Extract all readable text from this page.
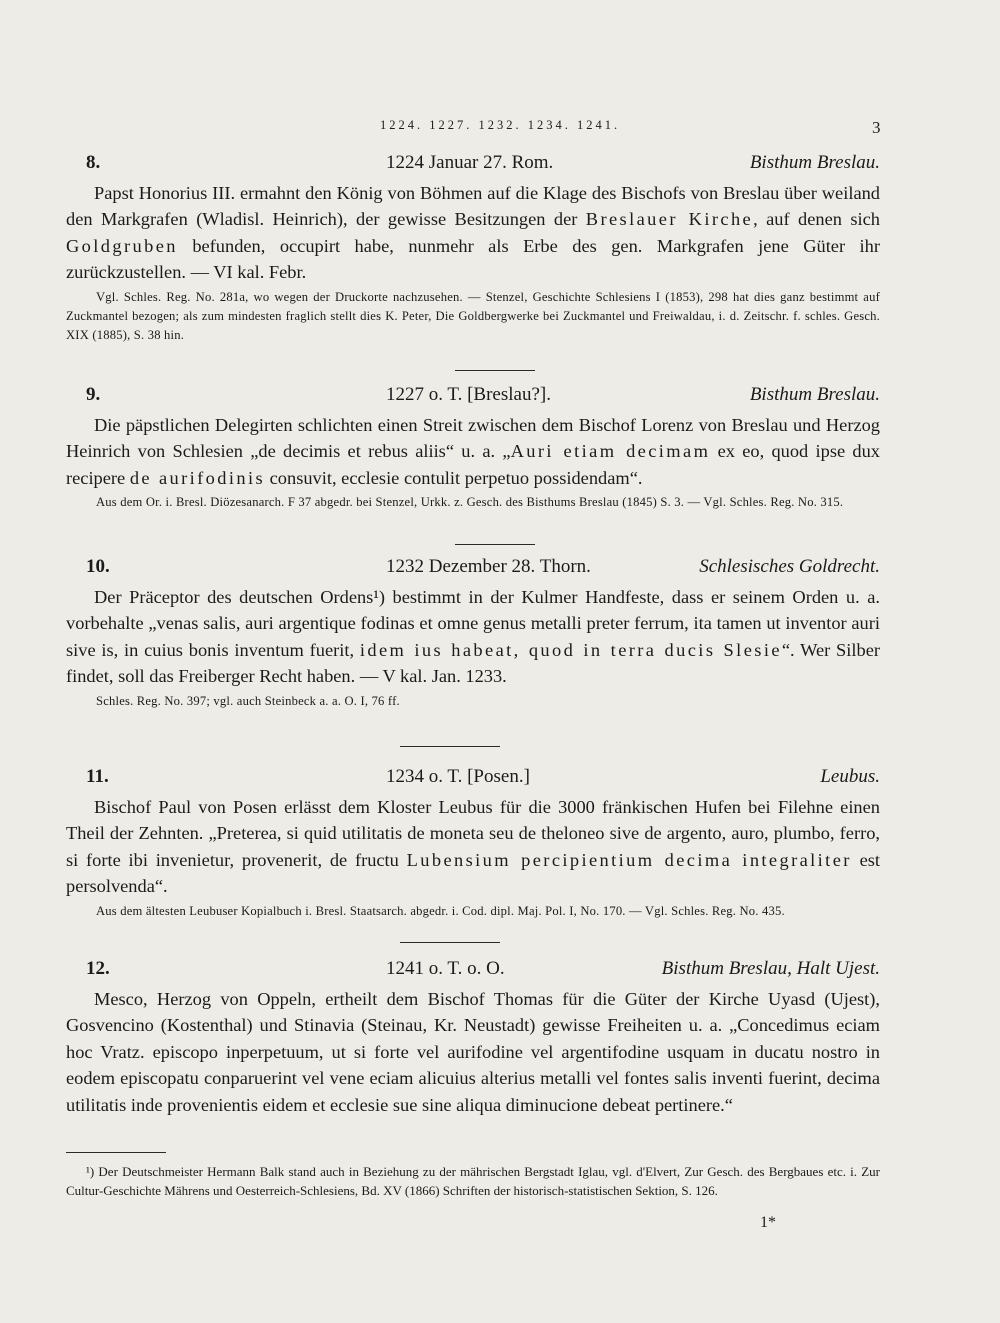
1224. 1227. 1232. 1234. 1241.	3
8.	1224 Januar 27. Rom.	Bisthum Breslau.

Papst Honorius III. ermahnt den König von Böhmen auf die Klage des Bischofs von Breslau über weiland den Markgrafen (Wladisl. Heinrich), der gewisse Besitzungen der Breslauer Kirche, auf denen sich Goldgruben befunden, occupirt habe, nunmehr als Erbe des gen. Markgrafen jene Güter ihr zurückzustellen. — VI kal. Febr.

Vgl. Schles. Reg. No. 281a, wo wegen der Druckorte nachzusehen. — Stenzel, Geschichte Schlesiens I (1853), 298 hat dies ganz bestimmt auf Zuckmantel bezogen; als zum mindesten fraglich stellt dies K. Peter, Die Goldbergwerke bei Zuckmantel und Freiwaldau, i. d. Zeitschr. f. schles. Gesch. XIX (1885), S. 38 hin.

9.	1227 o. T. [Breslau?].	Bisthum Breslau.

Die päpstlichen Delegirten schlichten einen Streit zwischen dem Bischof Lorenz von Breslau und Herzog Heinrich von Schlesien „de decimis et rebus aliis“ u. a. „Auri etiam decimam ex eo, quod ipse dux recipere de aurifodinis consuvit, ecclesie contulit perpetuo possidendam“.

Aus dem Or. i. Bresl. Diözesanarch. F 37 abgedr. bei Stenzel, Urkk. z. Gesch. des Bisthums Breslau (1845) S. 3. — Vgl. Schles. Reg. No. 315.

10.	1232 Dezember 28. Thorn.	Schlesisches Goldrecht.

Der Präceptor des deutschen Ordens¹) bestimmt in der Kulmer Handfeste, dass er seinem Orden u. a. vorbehalte „venas salis, auri argentique fodinas et omne genus metalli preter ferrum, ita tamen ut inventor auri sive is, in cuius bonis inventum fuerit, idem ius habeat, quod in terra ducis Slesie“. Wer Silber findet, soll das Freiberger Recht haben. — V kal. Jan. 1233.

Schles. Reg. No. 397; vgl. auch Steinbeck a. a. O. I, 76 ff.

11.	1234 o. T. [Posen.]	Leubus.

Bischof Paul von Posen erlässt dem Kloster Leubus für die 3000 fränkischen Hufen bei Filehne einen Theil der Zehnten. „Preterea, si quid utilitatis de moneta seu de theloneo sive de argento, auro, plumbo, ferro, si forte ibi invenietur, provenerit, de fructu Lubensium percipientium decima integraliter est persolvenda“.

Aus dem ältesten Leubuser Kopialbuch i. Bresl. Staatsarch. abgedr. i. Cod. dipl. Maj. Pol. I, No. 170. — Vgl. Schles. Reg. No. 435.

12.	1241 o. T. o. O.	Bisthum Breslau, Halt Ujest.

Mesco, Herzog von Oppeln, ertheilt dem Bischof Thomas für die Güter der Kirche Uyasd (Ujest), Gosvencino (Kostenthal) und Stinavia (Steinau, Kr. Neustadt) gewisse Freiheiten u. a. „Concedimus eciam hoc Vratz. episcopo inperpetuum, ut si forte vel aurifodine vel argentifodine usquam in ducatu nostro in eodem episcopatu conparuerint vel vene eciam alicuius alterius metalli vel fontes salis inventi fuerint, decima utilitatis inde provenientis eidem et ecclesie sue sine aliqua diminucione debeat pertinere.“

¹) Der Deutschmeister Hermann Balk stand auch in Beziehung zu der mährischen Bergstadt Iglau, vgl. d'Elvert, Zur Gesch. des Bergbaues etc. i. Zur Cultur-Geschichte Mährens und Oesterreich-Schlesiens, Bd. XV (1866) Schriften der historisch-statistischen Sektion, S. 126.
1*
